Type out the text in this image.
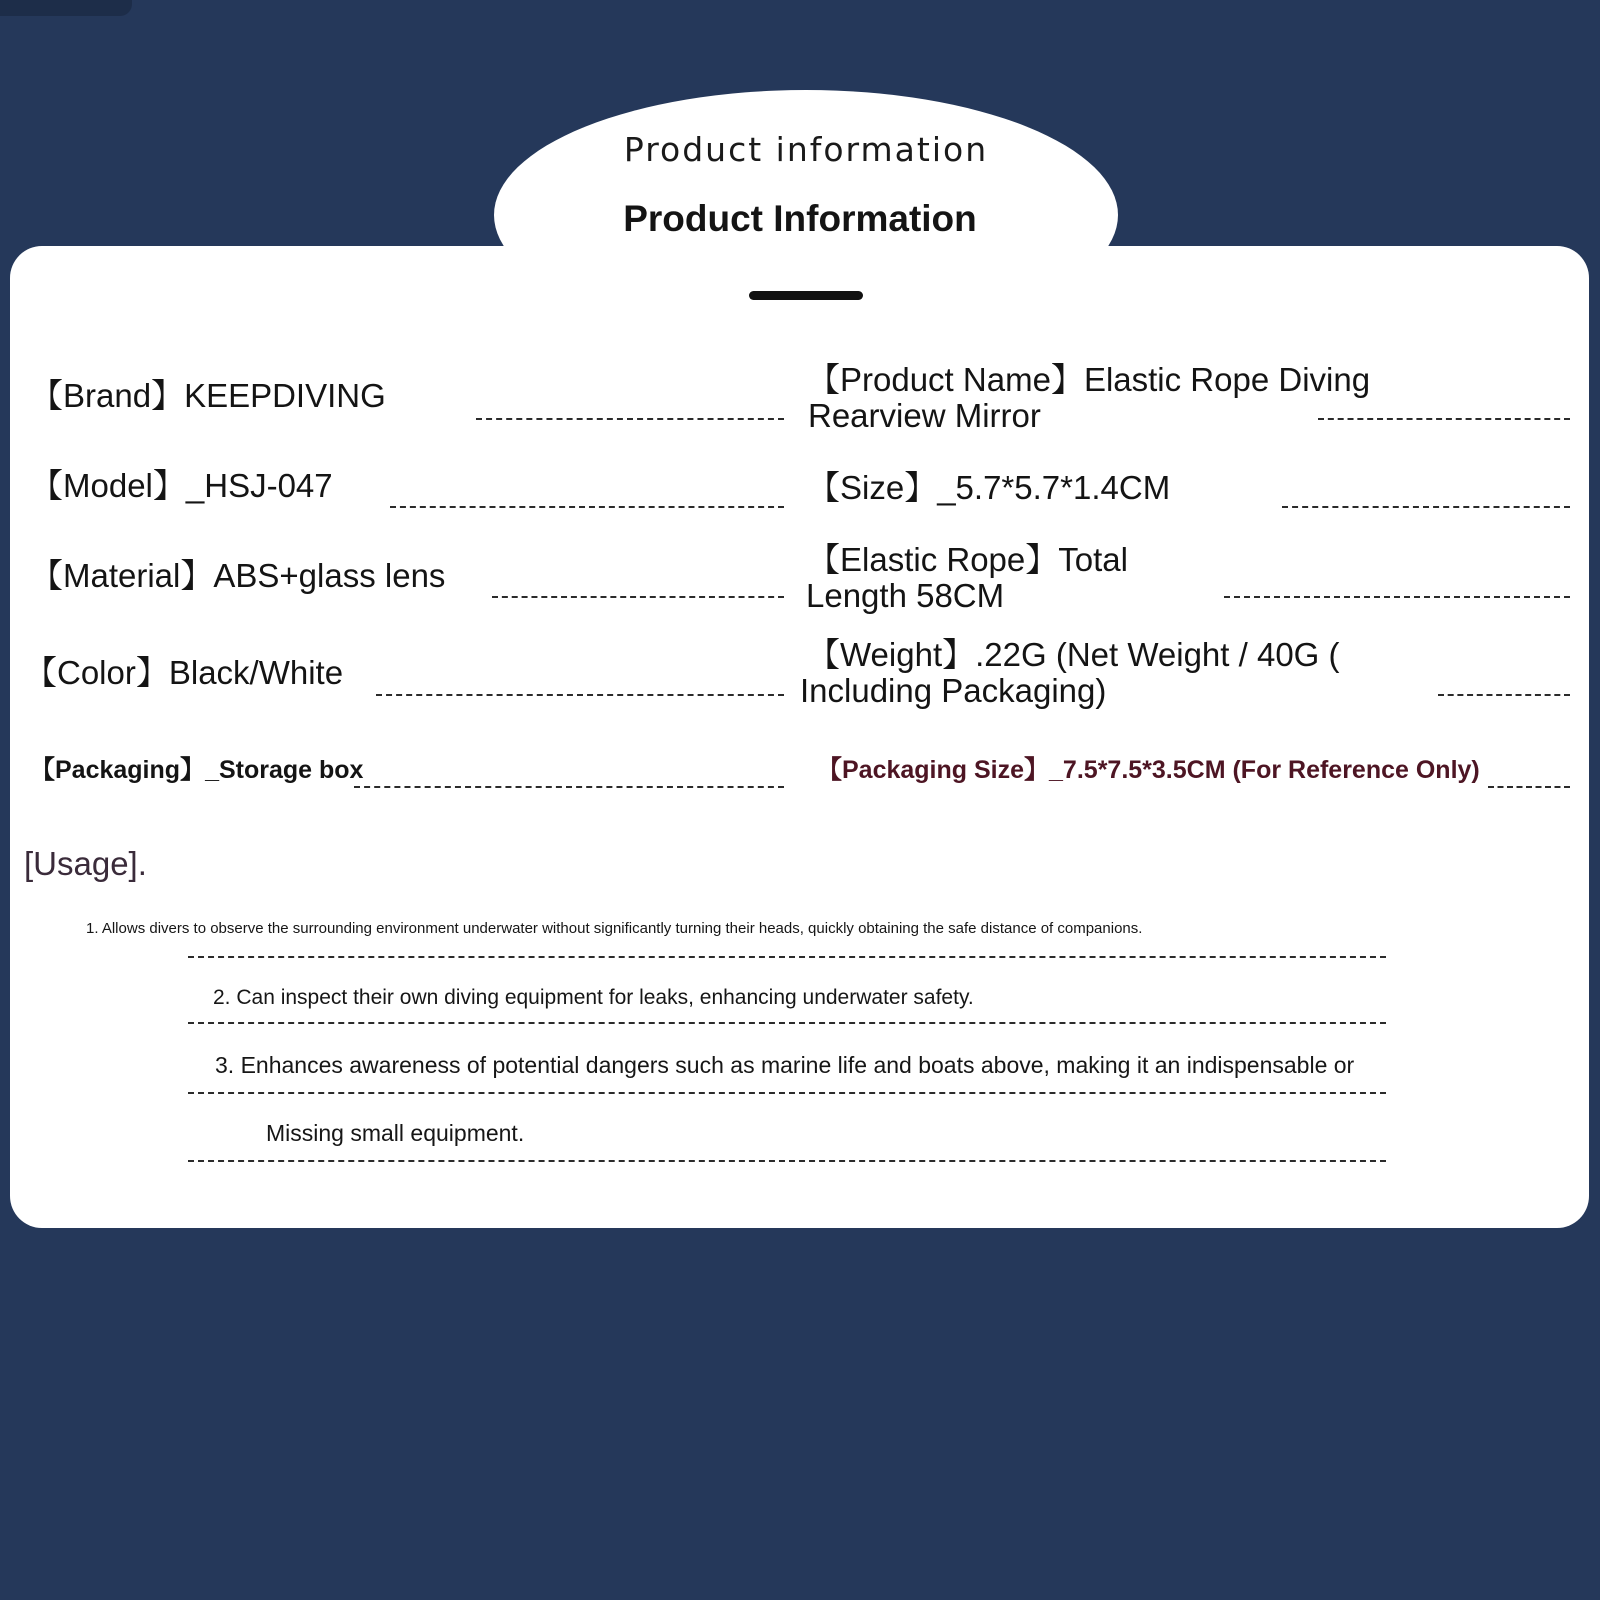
Product information
Product Information
【Brand】KEEPDIVING	【Product Name】Elastic Rope Diving
Rearview Mirror
【Model】_HSJ-047	【Size】_5.7*5.7*1.4CM
【Material】ABS+glass lens	【Elastic Rope】Total
Length 58CM
【Color】Black/White	【Weight】.22G (Net Weight / 40G (
Including Packaging)
【Packaging】_Storage box	【Packaging Size】_7.5*7.5*3.5CM (For Reference Only)
[Usage].
1. Allows divers to observe the surrounding environment underwater without significantly turning their heads, quickly obtaining the safe distance of companions.
2. Can inspect their own diving equipment for leaks, enhancing underwater safety.
3. Enhances awareness of potential dangers such as marine life and boats above, making it an indispensable or
Missing small equipment.
